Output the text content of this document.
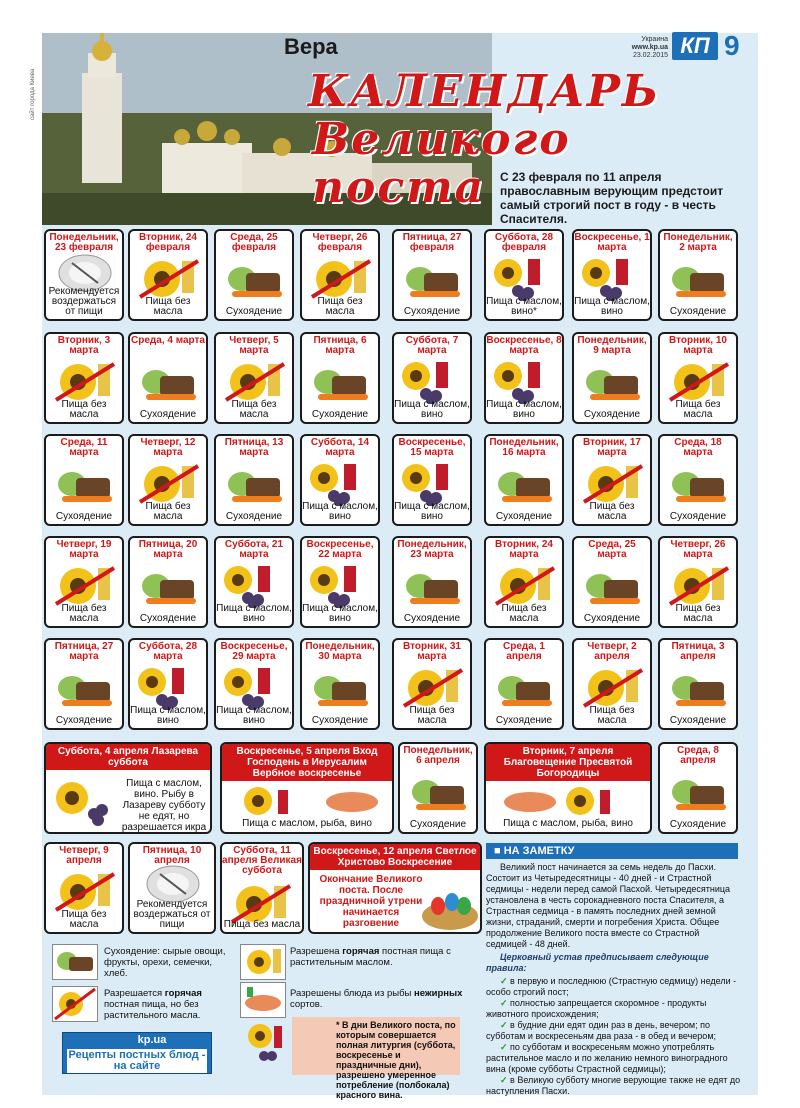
сайт города Киева
Вера	Украина
www.kp.ua
23.02.2015 КП 9
КАЛЕНДАРЬ
Великого поста	С 23 февраля по 11 апреля православным верующим предстоит самый строгий пост в году - в честь Спасителя.
Понедельник, 23 февраля
Рекомендуется воздержаться от пищи
Вторник, 24 февраля
Пища без масла
Среда, 25 февраля
Сухоядение
Четверг, 26 февраля
Пища без масла
Пятница, 27 февраля
Сухоядение
Суббота, 28 февраля
Пища с маслом, вино*
Воскресенье, 1 марта
Пища с маслом, вино
Понедельник, 2 марта
Сухоядение
Вторник, 3 марта
Пища без масла
Среда, 4 марта
Сухоядение
Четверг, 5 марта
Пища без масла
Пятница, 6 марта
Сухоядение
Суббота, 7 марта
Пища с маслом, вино
Воскресенье, 8 марта
Пища с маслом, вино
Понедельник, 9 марта
Сухоядение
Вторник, 10 марта
Пища без масла
Среда, 11 марта
Сухоядение
Четверг, 12 марта
Пища без масла
Пятница, 13 марта
Сухоядение
Суббота, 14 марта
Пища с маслом, вино
Воскресенье, 15 марта
Пища с маслом, вино
Понедельник, 16 марта
Сухоядение
Вторник, 17 марта
Пища без масла
Среда, 18 марта
Сухоядение
Четверг, 19 марта
Пища без масла
Пятница, 20 марта
Сухоядение
Суббота, 21 марта
Пища с маслом, вино
Воскресенье, 22 марта
Пища с маслом, вино
Понедельник, 23 марта
Сухоядение
Вторник, 24 марта
Пища без масла
Среда, 25 марта
Сухоядение
Четверг, 26 марта
Пища без масла
Пятница, 27 марта
Сухоядение
Суббота, 28 марта
Пища с маслом, вино
Воскресенье, 29 марта
Пища с маслом, вино
Понедельник, 30 марта
Сухоядение
Вторник, 31 марта
Пища без масла
Среда, 1 апреля
Сухоядение
Четверг, 2 апреля
Пища без масла
Пятница, 3 апреля
Сухоядение
Суббота, 4 апреля Лазарева суббота
Пища с маслом, вино. Рыбу в Лазареву субботу не едят, но разрешается икра
Воскресенье, 5 апреля Вход Господень в Иерусалим Вербное воскресенье
Пища с маслом, рыба, вино
Понедельник, 6 апреля
Сухоядение
Вторник, 7 апреля Благовещение Пресвятой Богородицы
Пища с маслом, рыба, вино
Среда, 8 апреля
Сухоядение
Четверг, 9 апреля
Пища без масла
Пятница, 10 апреля
Рекомендуется воздержаться от пищи
Суббота, 11 апреля Великая суббота
Пища без масла
Воскресенье, 12 апреля Светлое Христово Воскресение
Окончание Великого поста. После праздничной утрени начинается разговение
■ НА ЗАМЕТКУ

Великий пост начинается за семь недель до Пасхи. Состоит из Четыредесятницы - 40 дней - и Страстной седмицы - недели перед самой Пасхой. Четыредесятница установлена в честь сорокадневного поста Спасителя, а Страстная седмица - в память последних дней земной жизни, страданий, смерти и погребения Христа. Общее продолжение Великого поста вместе со Страстной седмицей - 48 дней.

Церковный устав предписывает следующие правила:

✓ в первую и последнюю (Страстную седмицу) недели - особо строгий пост;

✓ полностью запрещается скоромное - продукты животного происхождения;

✓ в будние дни едят один раз в день, вечером; по субботам и воскресеньям два раза - в обед и вечером;

✓ по субботам и воскресеньям можно употреблять растительное масло и по желанию немного виноградного вина (кроме субботы Страстной седмицы);

✓ в Великую субботу многие верующие также не едят до наступления Пасхи.

Сухоядение: сырые овощи, фрукты, орехи, семечки, хлеб.
Разрешается горячая постная пища, но без растительного масла.
Разрешена горячая постная пища с растительным маслом.
Разрешены блюда из рыбы нежирных сортов.
* В дни Великого поста, по которым совершается полная литургия (суббота, воскресенье и праздничные дни), разрешено умеренное потребление (полбокала) красного вина.
kp.ua
Рецепты постных блюд - на сайте
